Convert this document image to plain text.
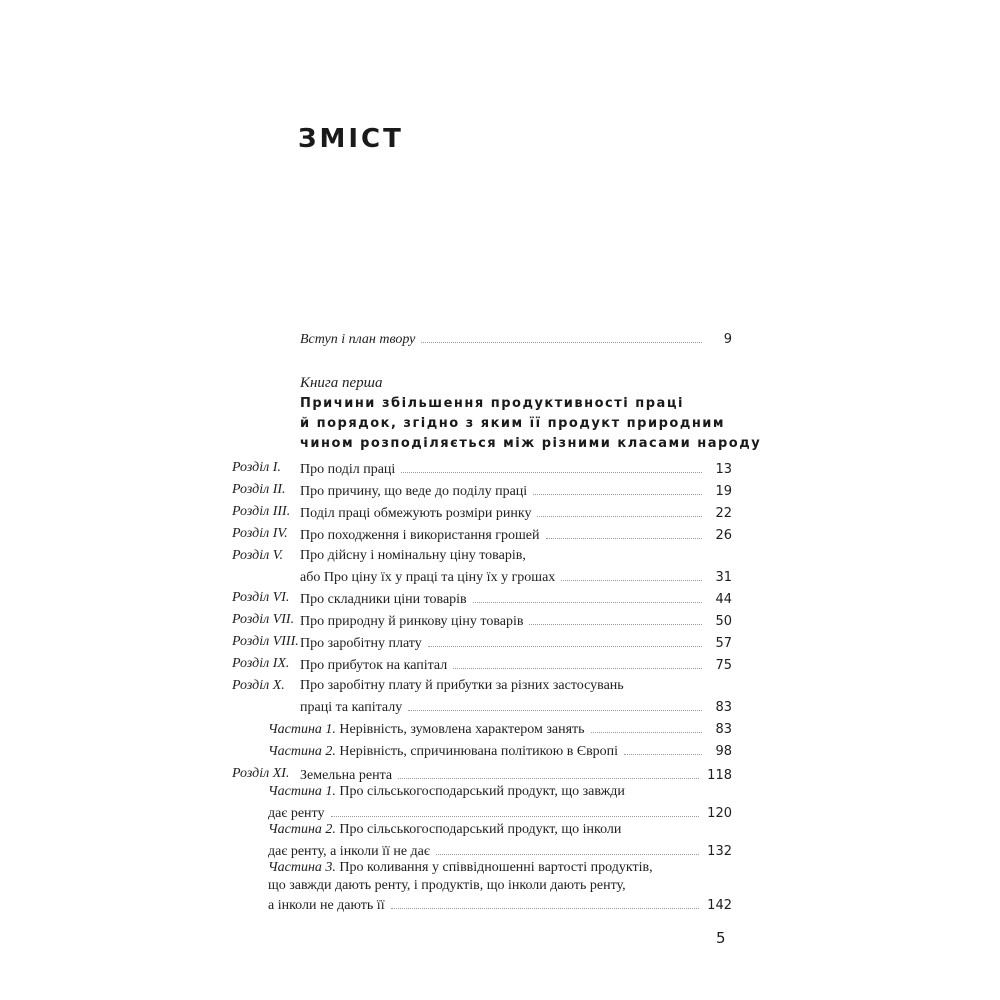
ЗМІСТ
Вступ і план твору	9
Книга перша
Причини збільшення продуктивності праці
й порядок, згідно з яким її продукт природним
чином розподіляється між різними класами народу
Розділ I. Про поділ праці	13
Розділ II. Про причину, що веде до поділу праці	19
Розділ III. Поділ праці обмежують розміри ринку	22
Розділ IV. Про походження і використання грошей	26
Розділ V. Про дійсну і номінальну ціну товарів,
або Про ціну їх у праці та ціну їх у грошах	31
Розділ VI. Про складники ціни товарів	44
Розділ VII. Про природну й ринкову ціну товарів	50
Розділ VIII. Про заробітну плату	57
Розділ IX. Про прибуток на капітал	75
Розділ X. Про заробітну плату й прибутки за різних застосувань
праці та капіталу	83
Частина 1. Нерівність, зумовлена характером занять	83
Частина 2. Нерівність, спричинювана політикою в Європі	98
Розділ XI. Земельна рента	118
Частина 1. Про сільськогосподарський продукт, що завжди
дає ренту	120
Частина 2. Про сільськогосподарський продукт, що інколи
дає ренту, а інколи її не дає	132
Частина 3. Про коливання у співвідношенні вартості продуктів,
що завжди дають ренту, і продуктів, що інколи дають ренту,
а інколи не дають її	142
5
